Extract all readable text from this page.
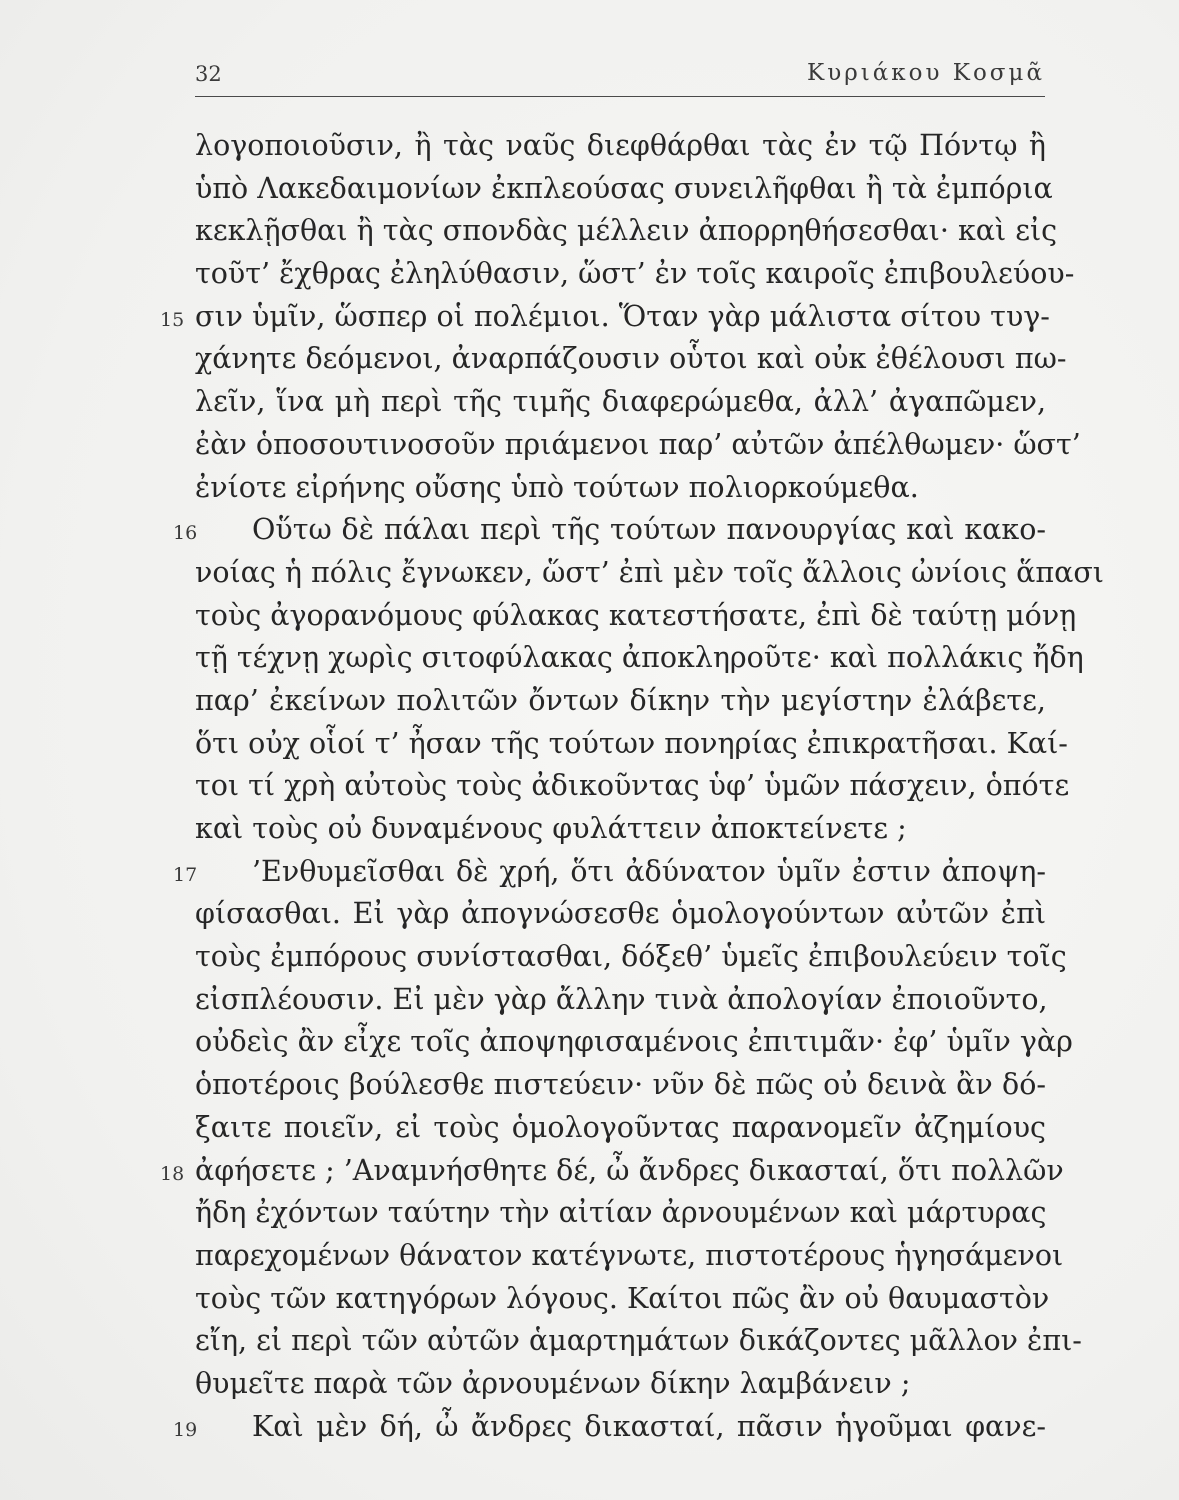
32	Κυριάκου Κοσμᾶ
λογοποιοῦσιν, ἢ τὰς ναῦς διεφθάρθαι τὰς ἐν τῷ Πόντῳ ἢ
ὑπὸ Λακεδαιμονίων ἐκπλεούσας συνειλῆφθαι ἢ τὰ ἐμπόρια
κεκλῇσθαι ἢ τὰς σπονδὰς μέλλειν ἀπορρηθήσεσθαι· καὶ εἰς
τοῦτ’ ἔχθρας ἐληλύθασιν, ὥστ’ ἐν τοῖς καιροῖς ἐπιβουλεύου-
15 σιν ὑμῖν, ὥσπερ οἱ πολέμιοι. Ὅταν γὰρ μάλιστα σίτου τυγ-
χάνητε δεόμενοι, ἀναρπάζουσιν οὗτοι καὶ οὐκ ἐθέλουσι πω-
λεῖν, ἵνα μὴ περὶ τῆς τιμῆς διαφερώμεθα, ἀλλ’ ἀγαπῶμεν,
ἐὰν ὁποσουτινοσοῦν πριάμενοι παρ’ αὐτῶν ἀπέλθωμεν· ὥστ’
ἐνίοτε εἰρήνης οὔσης ὑπὸ τούτων πολιορκούμεθα.
16 Οὕτω δὲ πάλαι περὶ τῆς τούτων πανουργίας καὶ κακο-
νοίας ἡ πόλις ἔγνωκεν, ὥστ’ ἐπὶ μὲν τοῖς ἄλλοις ὠνίοις ἅπασι
τοὺς ἀγορανόμους φύλακας κατεστήσατε, ἐπὶ δὲ ταύτῃ μόνῃ
τῇ τέχνῃ χωρὶς σιτοφύλακας ἀποκληροῦτε· καὶ πολλάκις ἤδη
παρ’ ἐκείνων πολιτῶν ὄντων δίκην τὴν μεγίστην ἐλάβετε,
ὅτι οὐχ οἷοί τ’ ἦσαν τῆς τούτων πονηρίας ἐπικρατῆσαι. Καί-
τοι τί χρὴ αὐτοὺς τοὺς ἀδικοῦντας ὑφ’ ὑμῶν πάσχειν, ὁπότε
καὶ τοὺς οὐ δυναμένους φυλάττειν ἀποκτείνετε ;
17 ’Ενθυμεῖσθαι δὲ χρή, ὅτι ἀδύνατον ὑμῖν ἐστιν ἀποψη-
φίσασθαι. Εἰ γὰρ ἀπογνώσεσθε ὁμολογούντων αὐτῶν ἐπὶ
τοὺς ἐμπόρους συνίστασθαι, δόξεθ’ ὑμεῖς ἐπιβουλεύειν τοῖς
εἰσπλέουσιν. Εἰ μὲν γὰρ ἄλλην τινὰ ἀπολογίαν ἐποιοῦντο,
οὐδεὶς ἂν εἶχε τοῖς ἀποψηφισαμένοις ἐπιτιμᾶν· ἐφ’ ὑμῖν γὰρ
ὁποτέροις βούλεσθε πιστεύειν· νῦν δὲ πῶς οὐ δεινὰ ἂν δό-
ξαιτε ποιεῖν, εἰ τοὺς ὁμολογοῦντας παρανομεῖν ἀζημίους
18 ἀφήσετε ; ’Αναμνήσθητε δέ, ὦ ἄνδρες δικασταί, ὅτι πολλῶν
ἤδη ἐχόντων ταύτην τὴν αἰτίαν ἀρνουμένων καὶ μάρτυρας
παρεχομένων θάνατον κατέγνωτε, πιστοτέρους ἡγησάμενοι
τοὺς τῶν κατηγόρων λόγους. Καίτοι πῶς ἂν οὐ θαυμαστὸν
εἴη, εἰ περὶ τῶν αὐτῶν ἁμαρτημάτων δικάζοντες μᾶλλον ἐπι-
θυμεῖτε παρὰ τῶν ἀρνουμένων δίκην λαμβάνειν ;
19 Καὶ μὲν δή, ὦ ἄνδρες δικασταί, πᾶσιν ἡγοῦμαι φανε-
